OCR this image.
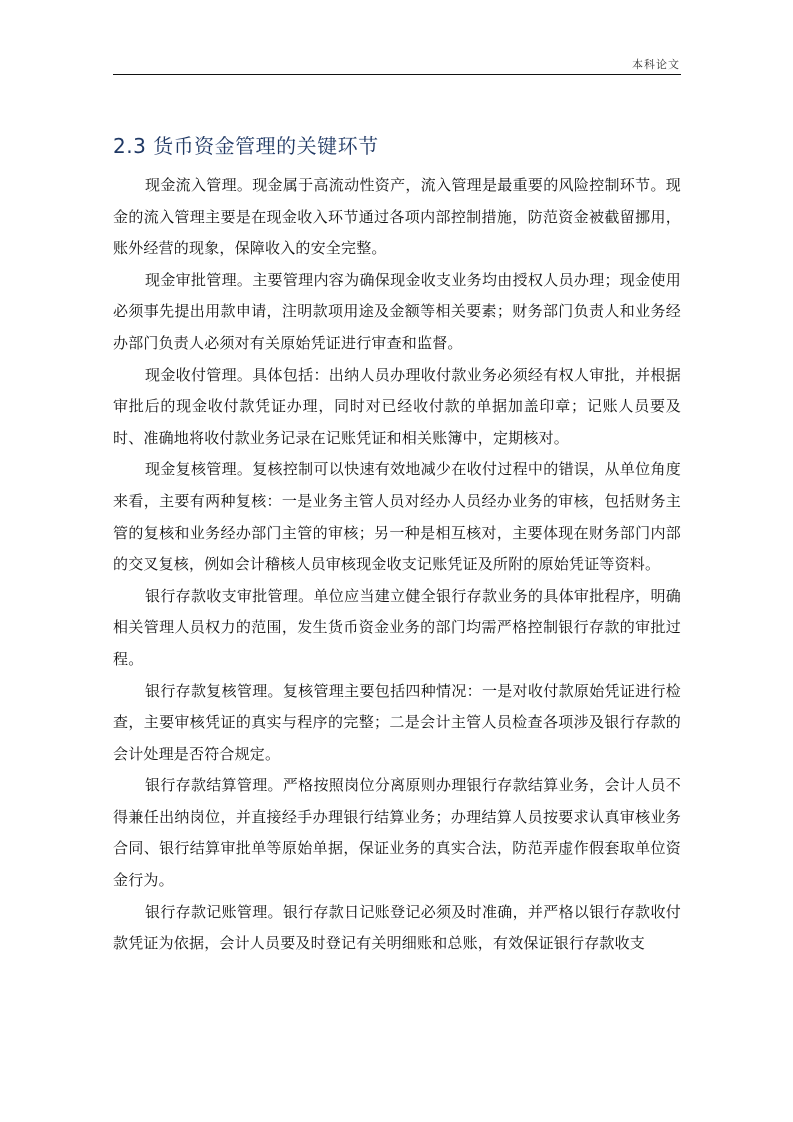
本科论文
2.3 货币资金管理的关键环节

现金流入管理。现金属于高流动性资产，流入管理是最重要的风险控制环节。现金的流入管理主要是在现金收入环节通过各项内部控制措施，防范资金被截留挪用，账外经营的现象，保障收入的安全完整。

现金审批管理。主要管理内容为确保现金收支业务均由授权人员办理；现金使用必须事先提出用款申请，注明款项用途及金额等相关要素；财务部门负责人和业务经办部门负责人必须对有关原始凭证进行审查和监督。

现金收付管理。具体包括：出纳人员办理收付款业务必须经有权人审批，并根据审批后的现金收付款凭证办理，同时对已经收付款的单据加盖印章；记账人员要及时、准确地将收付款业务记录在记账凭证和相关账簿中，定期核对。

现金复核管理。复核控制可以快速有效地减少在收付过程中的错误，从单位角度来看，主要有两种复核：一是业务主管人员对经办人员经办业务的审核，包括财务主管的复核和业务经办部门主管的审核；另一种是相互核对，主要体现在财务部门内部的交叉复核，例如会计稽核人员审核现金收支记账凭证及所附的原始凭证等资料。

银行存款收支审批管理。单位应当建立健全银行存款业务的具体审批程序，明确相关管理人员权力的范围，发生货币资金业务的部门均需严格控制银行存款的审批过程。

银行存款复核管理。复核管理主要包括四种情况：一是对收付款原始凭证进行检查，主要审核凭证的真实与程序的完整；二是会计主管人员检查各项涉及银行存款的会计处理是否符合规定。

银行存款结算管理。严格按照岗位分离原则办理银行存款结算业务，会计人员不得兼任出纳岗位，并直接经手办理银行结算业务；办理结算人员按要求认真审核业务合同、银行结算审批单等原始单据，保证业务的真实合法，防范弄虚作假套取单位资金行为。

银行存款记账管理。银行存款日记账登记必须及时准确，并严格以银行存款收付款凭证为依据，会计人员要及时登记有关明细账和总账，有效保证银行存款收支
